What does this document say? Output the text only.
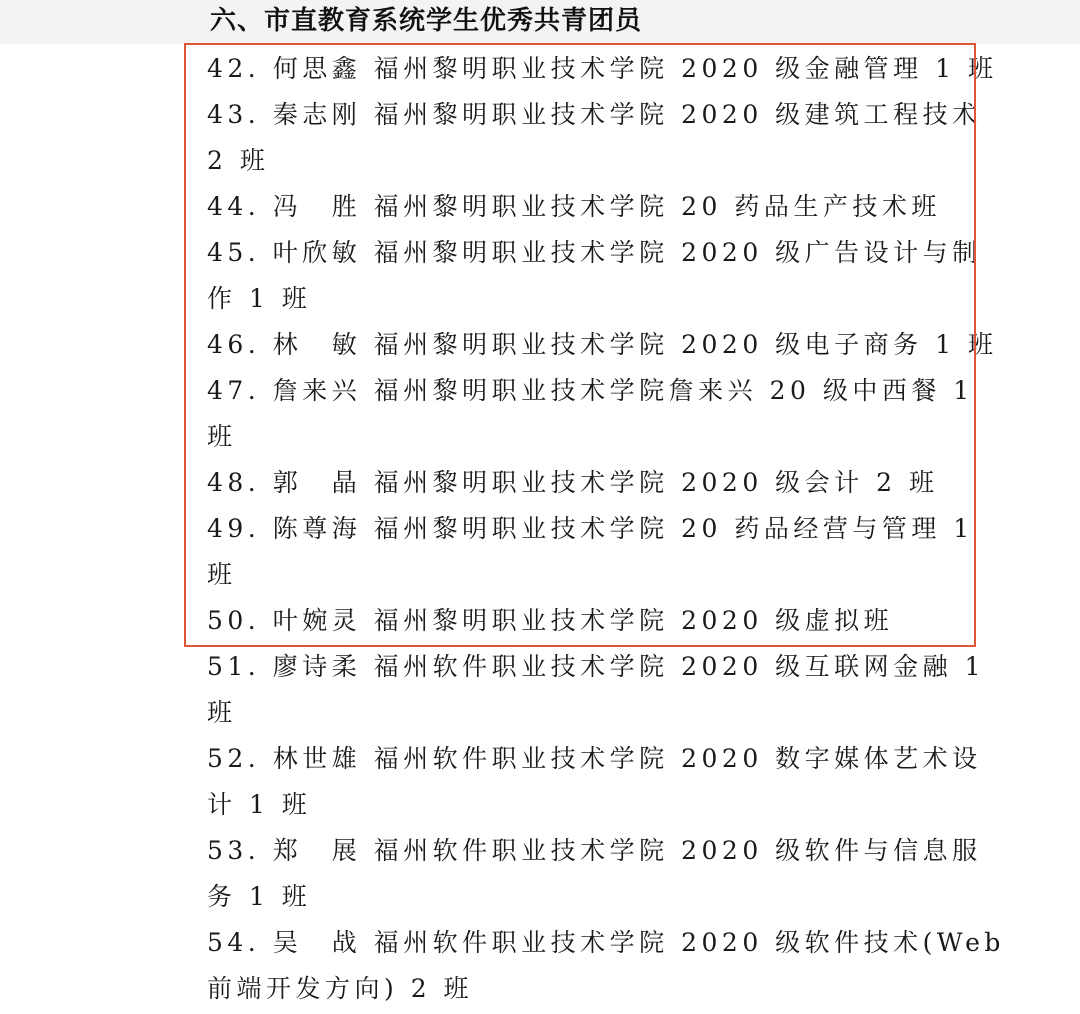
六、市直教育系统学生优秀共青团员
42. 何思鑫 福州黎明职业技术学院 2020 级金融管理 1 班
43. 秦志刚 福州黎明职业技术学院 2020 级建筑工程技术
2 班
44. 冯　胜 福州黎明职业技术学院 20 药品生产技术班
45. 叶欣敏 福州黎明职业技术学院 2020 级广告设计与制
作 1 班
46. 林　敏 福州黎明职业技术学院 2020 级电子商务 1 班
47. 詹来兴 福州黎明职业技术学院詹来兴 20 级中西餐 1
班
48. 郭　晶 福州黎明职业技术学院 2020 级会计 2 班
49. 陈尊海 福州黎明职业技术学院 20 药品经营与管理 1
班
50. 叶婉灵 福州黎明职业技术学院 2020 级虚拟班
51. 廖诗柔 福州软件职业技术学院 2020 级互联网金融 1
班
52. 林世雄 福州软件职业技术学院 2020 数字媒体艺术设
计 1 班
53. 郑　展 福州软件职业技术学院 2020 级软件与信息服
务 1 班
54. 吴　战 福州软件职业技术学院 2020 级软件技术(Web
前端开发方向) 2 班
